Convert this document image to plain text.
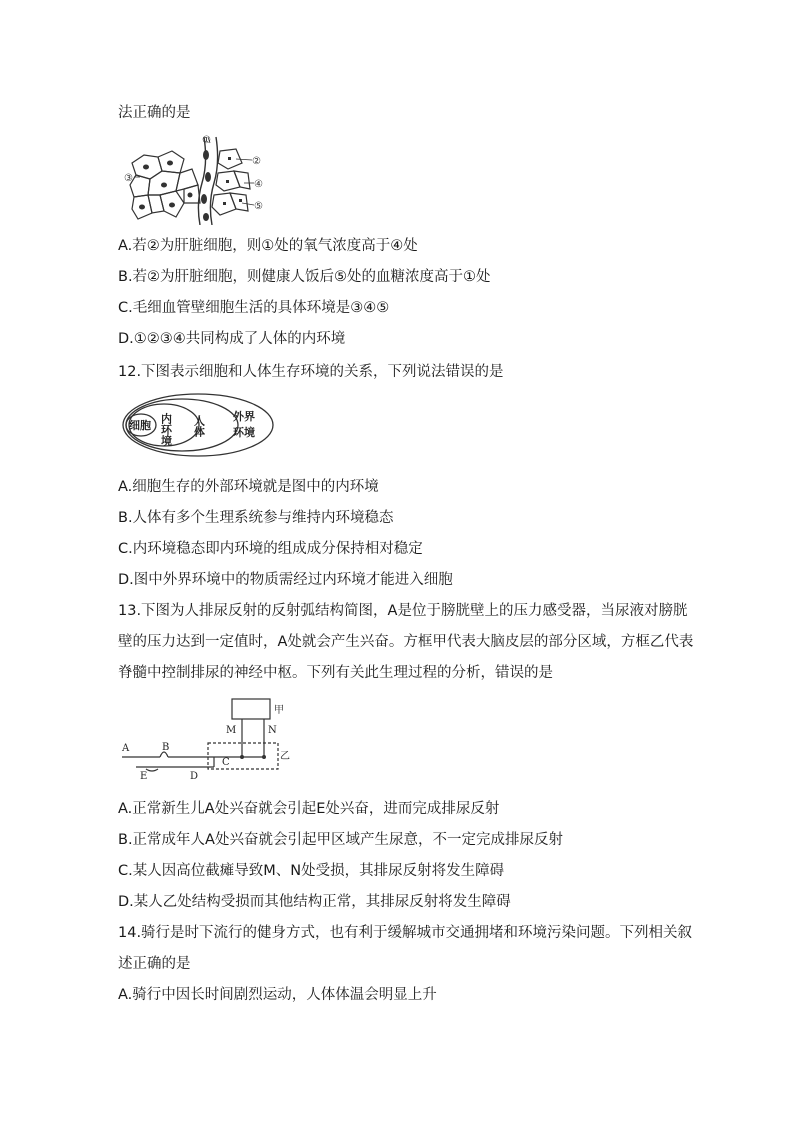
法正确的是
①
②
③
④
⑤
A.若②为肝脏细胞，则①处的氧气浓度高于④处
B.若②为肝脏细胞，则健康人饭后⑤处的血糖浓度高于①处
C.毛细血管壁细胞生活的具体环境是③④⑤
D.①②③④共同构成了人体的内环境
12.下图表示细胞和人体生存环境的关系，下列说法错误的是
细胞 内环境 人体	外界
环境
A.细胞生存的外部环境就是图中的内环境
B.人体有多个生理系统参与维持内环境稳态
C.内环境稳态即内环境的组成成分保持相对稳定
D.图中外界环境中的物质需经过内环境才能进入细胞
13.下图为人排尿反射的反射弧结构简图，A是位于膀胱壁上的压力感受器，当尿液对膀胱
壁的压力达到一定值时，A处就会产生兴奋。方框甲代表大脑皮层的部分区域，方框乙代表
脊髓中控制排尿的神经中枢。下列有关此生理过程的分析，错误的是
A	B
C
D
E
M	N
甲
乙
A.正常新生儿A处兴奋就会引起E处兴奋，进而完成排尿反射
B.正常成年人A处兴奋就会引起甲区域产生尿意，不一定完成排尿反射
C.某人因高位截瘫导致M、N处受损，其排尿反射将发生障碍
D.某人乙处结构受损而其他结构正常，其排尿反射将发生障碍
14.骑行是时下流行的健身方式，也有利于缓解城市交通拥堵和环境污染问题。下列相关叙
述正确的是
A.骑行中因长时间剧烈运动，人体体温会明显上升
